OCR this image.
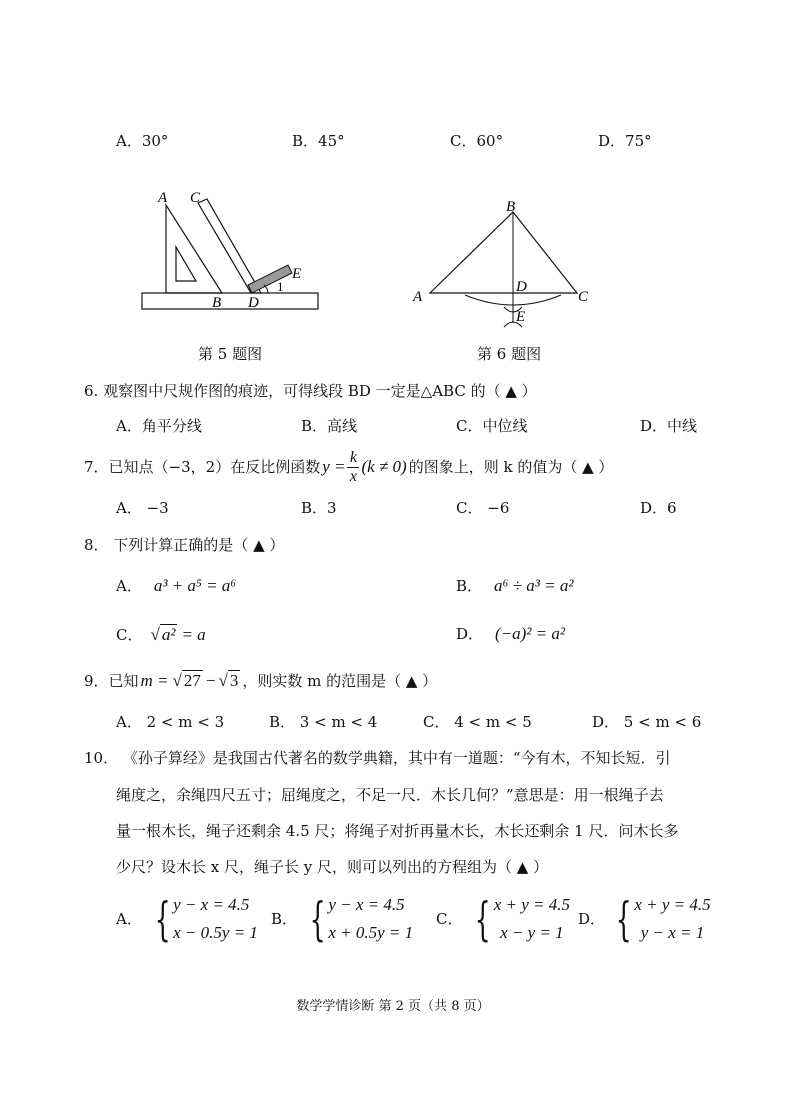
A．30°	B．45°	C．60°	D．75°
A C
E
B D
1
第 5 题图
B
A	C
D
E
第 6 题图
6. 观察图中尺规作图的痕迹，可得线段 BD 一定是△ABC 的（ ▲ ）
A．角平分线	B．高线	C．中位线	D．中线
7．已知点（−3，2）在反比例函数 $y = \frac{k}{x} (k \ne 0)$ 的图象上，则 k 的值为（ ▲ ）
A． −3	B．3	C． −6	D．6
8． 下列计算正确的是（ ▲ ）
A． a³ + a⁵ = a⁶	B． a⁶ ÷ a³ = a²
C． √ a² = a	D． (−a)² = a²
9．已知 m = √ 27 − √ 3 ，则实数 m 的范围是（ ▲ ）
A． 2 < m < 3	B． 3 < m < 4	C． 4 < m < 5	D． 5 < m < 6
10． 《孙子算经》是我国古代著名的数学典籍，其中有一道题：“今有木，不知长短．引
绳度之，余绳四尺五寸；屈绳度之，不足一尺．木长几何？”意思是：用一根绳子去
量一根木长，绳子还剩余 4.5 尺；将绳子对折再量木长，木长还剩余 1 尺．问木长多
少尺？设木长 x 尺，绳子长 y 尺，则可以列出的方程组为（ ▲ ）
A． { y − x = 4.5
x − 0.5y = 1
B． { y − x = 4.5
x + 0.5y = 1
C． { x + y = 4.5
x − y = 1
D． { x + y = 4.5
y − x = 1
数学学情诊断 第 2 页（共 8 页）
